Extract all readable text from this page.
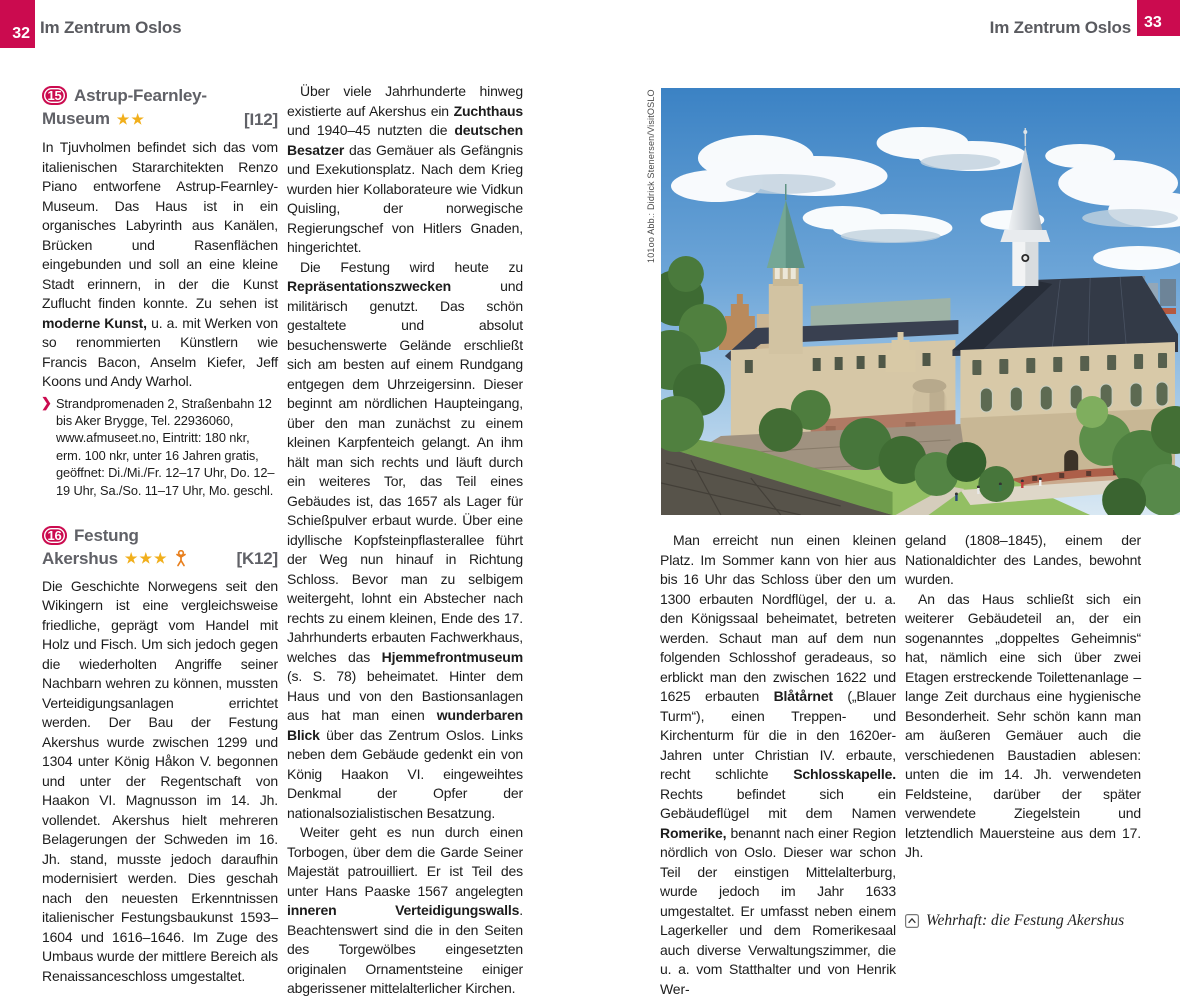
32 Im Zentrum Oslos	33
Im Zentrum Oslos
15 Astrup-Fearnley-
Museum ★★	[I12]

In Tjuvholmen befindet sich das vom italienischen Stararchitekten Renzo Piano entworfene Astrup-Fearnley-Museum. Das Haus ist in ein organisches Labyrinth aus Kanälen, Brücken und Rasenflächen eingebunden und soll an eine kleine Stadt erinnern, in der die Kunst Zuflucht finden konnte. Zu sehen ist moderne Kunst, u. a. mit Werken von so renommierten Künstlern wie Francis Bacon, Anselm Kiefer, Jeff Koons und Andy Warhol.

❯ Strandpromenaden 2, Straßenbahn 12 bis Aker Brygge, Tel. 22936060, www.afmuseet.no, Eintritt: 180 nkr, erm. 100 nkr, unter 16 Jahren gratis, geöffnet: Di./Mi./Fr. 12–17 Uhr, Do. 12–19 Uhr, Sa./So. 11–17 Uhr, Mo. geschl.
16 Festung
Akershus ★★★	[K12]

Die Geschichte Norwegens seit den Wikingern ist eine vergleichsweise friedliche, geprägt vom Handel mit Holz und Fisch. Um sich jedoch gegen die wiederholten Angriffe seiner Nachbarn wehren zu können, mussten Verteidigungsanlagen errichtet werden. Der Bau der Festung Akershus wurde zwischen 1299 und 1304 unter König Håkon V. begonnen und unter der Regentschaft von Haakon VI. Magnusson im 14. Jh. vollendet. Akershus hielt mehreren Belagerungen der Schweden im 16. Jh. stand, musste jedoch daraufhin modernisiert werden. Dies geschah nach den neuesten Erkenntnissen italienischer Festungsbaukunst 1593–1604 und 1616–1646. Im Zuge des Umbaus wurde der mittlere Bereich als Renaissanceschloss umgestaltet.

Über viele Jahrhunderte hinweg existierte auf Akershus ein Zuchthaus und 1940–45 nutzten die deutschen Besatzer das Gemäuer als Gefängnis und Exekutionsplatz. Nach dem Krieg wurden hier Kollaborateure wie Vidkun Quisling, der norwegische Regierungschef von Hitlers Gnaden, hingerichtet.

Die Festung wird heute zu Repräsentationszwecken und militärisch genutzt. Das schön gestaltete und absolut besuchenswerte Gelände erschließt sich am besten auf einem Rundgang entgegen dem Uhrzeigersinn. Dieser beginnt am nördlichen Haupteingang, über den man zunächst zu einem kleinen Karpfenteich gelangt. An ihm hält man sich rechts und läuft durch ein weiteres Tor, das Teil eines Gebäudes ist, das 1657 als Lager für Schießpulver erbaut wurde. Über eine idyllische Kopfsteinpflasterallee führt der Weg nun hinauf in Richtung Schloss. Bevor man zu selbigem weitergeht, lohnt ein Abstecher nach rechts zu einem kleinen, Ende des 17. Jahrhunderts erbauten Fachwerkhaus, welches das Hjemmefrontmuseum (s. S. 78) beheimatet. Hinter dem Haus und von den Bastionsanlagen aus hat man einen wunderbaren Blick über das Zentrum Oslos. Links neben dem Gebäude gedenkt ein von König Haakon VI. eingeweihtes Denkmal der Opfer der nationalsozialistischen Besatzung.

Weiter geht es nun durch einen Torbogen, über dem die Garde Seiner Majestät patrouilliert. Er ist Teil des unter Hans Paaske 1567 angelegten inneren Verteidigungswalls. Beachtenswert sind die in den Seiten des Torgewölbes eingesetzten originalen Ornamentsteine einiger abgerissener mittelalterlicher Kirchen.

101oo Abb.: Didrick Stenersen/VisitOSLO

Man erreicht nun einen kleinen Platz. Im Sommer kann von hier aus bis 16 Uhr das Schloss über den um 1300 erbauten Nordflügel, der u. a. den Königssaal beheimatet, betreten werden. Schaut man auf dem nun folgenden Schlosshof geradeaus, so erblickt man den zwischen 1622 und 1625 erbauten Blåtårnet („Blauer Turm“), einen Treppen- und Kirchenturm für die in den 1620er-Jahren unter Christian IV. erbaute, recht schlichte Schlosskapelle. Rechts befindet sich ein Gebäudeflügel mit dem Namen Romerike, benannt nach einer Region nördlich von Oslo. Dieser war schon Teil der einstigen Mittelalterburg, wurde jedoch im Jahr 1633 umgestaltet. Er umfasst neben einem Lagerkeller und dem Romerikesaal auch diverse Verwaltungszimmer, die u. a. vom Statthalter und von Henrik Wer-

geland (1808–1845), einem der Nationaldichter des Landes, bewohnt wurden.

An das Haus schließt sich ein weiterer Gebäudeteil an, der ein sogenanntes „doppeltes Geheimnis“ hat, nämlich eine sich über zwei Etagen erstreckende Toilettenanlage – lange Zeit durchaus eine hygienische Besonderheit. Sehr schön kann man am äußeren Gemäuer auch die verschiedenen Baustadien ablesen: unten die im 14. Jh. verwendeten Feldsteine, darüber der später verwendete Ziegelstein und letztendlich Mauersteine aus dem 17. Jh.

Wehrhaft: die Festung Akershus
